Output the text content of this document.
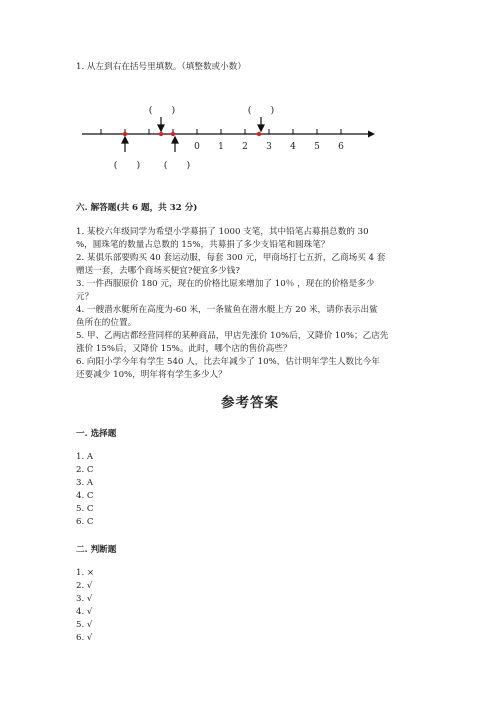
1. 从左到右在括号里填数。（填整数或小数）
0 1 2 3 4 5 6
(　　)	(　　)
(　　) (　　)
六. 解答题(共 6 题，共 32 分)
1. 某校六年级同学为希望小学募捐了 1000 支笔，其中铅笔占募捐总数的 30
%，圆珠笔的数量占总数的 15%，共募捐了多少支铅笔和圆珠笔？
2. 某俱乐部要购买 40 套运动服，每套 300 元，甲商场打七五折，乙商场买 4 套
赠送一套，去哪个商场买便宜?便宜多少钱?
3. 一件西服原价 180 元，现在的价格比原来增加了 10％ ，现在的价格是多少
元？
4. 一艘潜水艇所在高度为-60 米，一条鲨鱼在潜水艇上方 20 米，请你表示出鲨
鱼所在的位置。
5. 甲、乙两店都经营同样的某种商品，甲店先涨价 10%后，又降价 10%；乙店先
涨价 15%后，又降价 15%。此时，哪个店的售价高些？
6. 向阳小学今年有学生 540 人，比去年减少了 10%，估计明年学生人数比今年
还要减少 10%，明年将有学生多少人？
参考答案
一. 选择题
1. A
2. C
3. A
4. C
5. C
6. C
二. 判断题
1. ×
2. √
3. √
4. √
5. √
6. √
